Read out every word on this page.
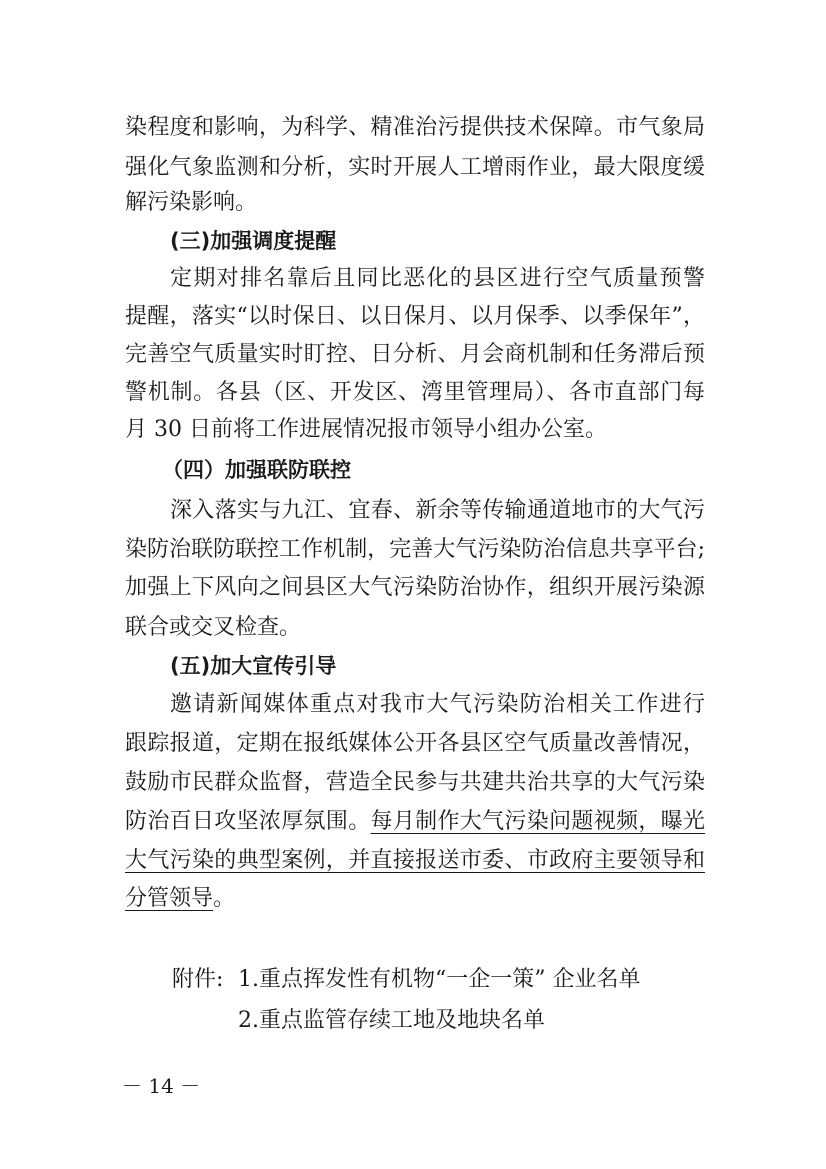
染程度和影响，为科学、精准治污提供技术保障。市气象局
强化气象监测和分析，实时开展人工增雨作业，最大限度缓
解污染影响。
(三)加强调度提醒
定期对排名靠后且同比恶化的县区进行空气质量预警
提醒，落实“以时保日、以日保月、以月保季、以季保年”，
完善空气质量实时盯控、日分析、月会商机制和任务滞后预
警机制。各县（区、开发区、湾里管理局）、各市直部门每
月 30 日前将工作进展情况报市领导小组办公室。
（四）加强联防联控
深入落实与九江、宜春、新余等传输通道地市的大气污
染防治联防联控工作机制，完善大气污染防治信息共享平台;
加强上下风向之间县区大气污染防治协作，组织开展污染源
联合或交叉检查。
(五)加大宣传引导
邀请新闻媒体重点对我市大气污染防治相关工作进行
跟踪报道，定期在报纸媒体公开各县区空气质量改善情况，
鼓励市民群众监督，营造全民参与共建共治共享的大气污染
防治百日攻坚浓厚氛围。每月制作大气污染问题视频，曝光
大气污染的典型案例，并直接报送市委、市政府主要领导和
分管领导。
附件: 1.重点挥发性有机物“一企一策” 企业名单
2.重点监管存续工地及地块名单
－ 14 －
